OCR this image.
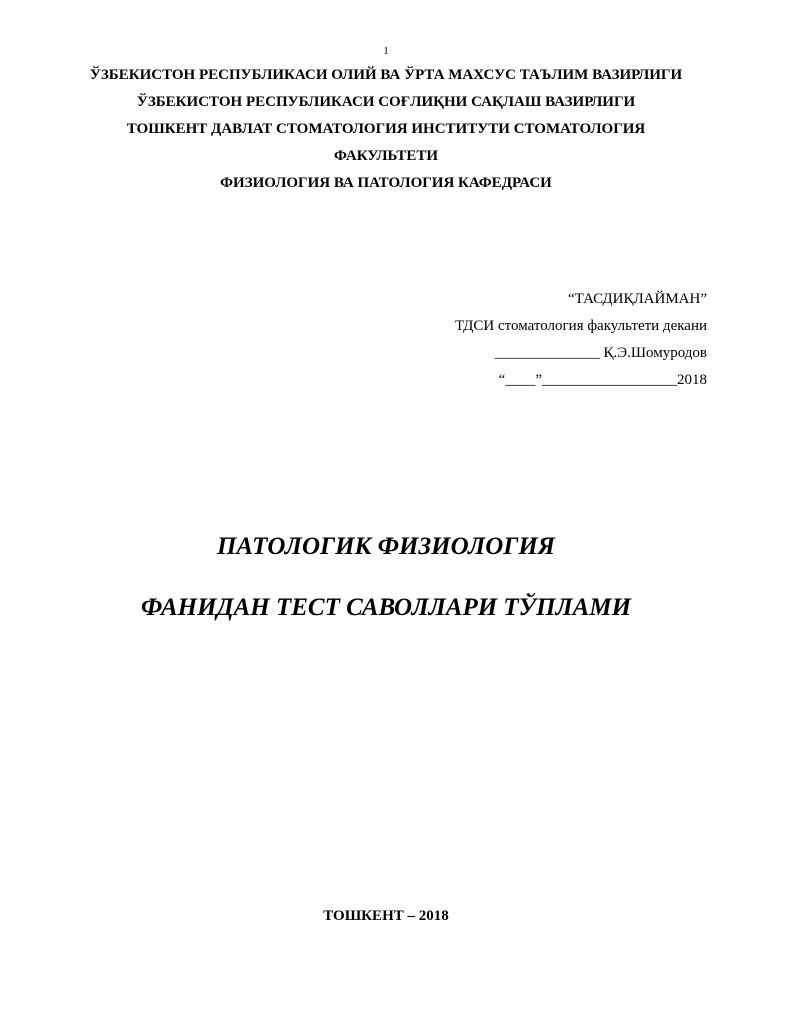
1
ЎЗБЕКИСТОН РЕСПУБЛИКАСИ ОЛИЙ ВА ЎРТА МАХСУС ТАЪЛИМ ВАЗИРЛИГИ
ЎЗБЕКИСТОН РЕСПУБЛИКАСИ СОҒЛИҚНИ САҚЛАШ ВАЗИРЛИГИ
ТОШКЕНТ ДАВЛАТ СТОМАТОЛОГИЯ ИНСТИТУТИ СТОМАТОЛОГИЯ
ФАКУЛЬТЕТИ
ФИЗИОЛОГИЯ ВА ПАТОЛОГИЯ КАФЕДРАСИ
“ТАСДИҚЛАЙМАН”
ТДСИ стоматология факультети декани
______________ Қ.Э.Шомуродов
“____”__________________2018
ПАТОЛОГИК ФИЗИОЛОГИЯ
ФАНИДАН ТЕСТ САВОЛЛАРИ ТЎПЛАМИ
ТОШКЕНТ – 2018
